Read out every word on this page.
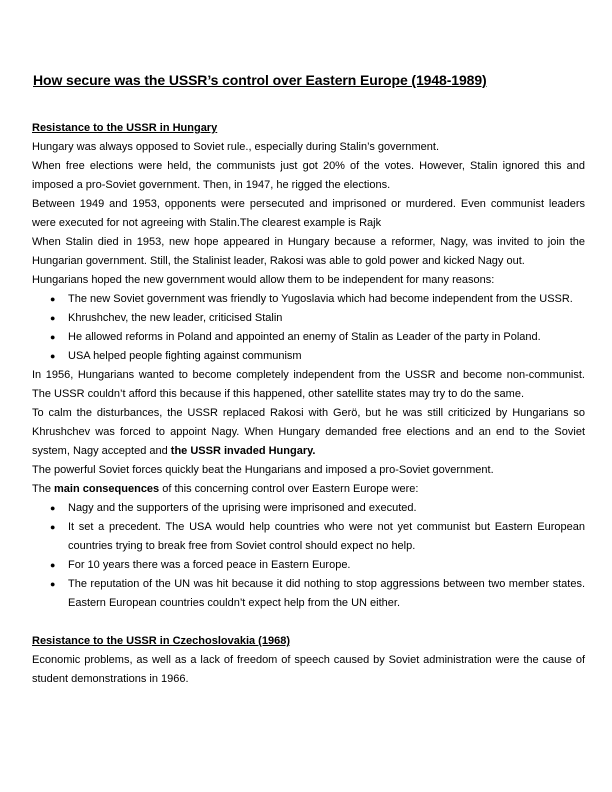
How secure was the USSR’s control over Eastern Europe (1948-1989)
Resistance to the USSR in Hungary

Hungary was always opposed to Soviet rule., especially during Stalin’s government.

When free elections were held, the communists just got 20% of the votes. However, Stalin ignored this and imposed a pro-Soviet government. Then, in 1947, he rigged the elections.

Between 1949 and 1953, opponents were persecuted and imprisoned or murdered. Even communist leaders were executed for not agreeing with Stalin.The clearest example is Rajk

When Stalin died in 1953, new hope appeared in Hungary because a reformer, Nagy, was invited to join the Hungarian government. Still, the Stalinist leader, Rakosi was able to gold power and kicked Nagy out.

Hungarians hoped the new government would allow them to be independent for many reasons:

● The new Soviet government was friendly to Yugoslavia which had become independent from the USSR.
● Khrushchev, the new leader, criticised Stalin
● He allowed reforms in Poland and appointed an enemy of Stalin as Leader of the party in Poland.
● USA helped people fighting against communism

In 1956, Hungarians wanted to become completely independent from the USSR and become non-communist. The USSR couldn’t afford this because if this happened, other satellite states may try to do the same.

To calm the disturbances, the USSR replaced Rakosi with Gerö, but he was still criticized by Hungarians so Khrushchev was forced to appoint Nagy. When Hungary demanded free elections and an end to the Soviet system, Nagy accepted and the USSR invaded Hungary.

The powerful Soviet forces quickly beat the Hungarians and imposed a pro-Soviet government.

The main consequences of this concerning control over Eastern Europe were:

● Nagy and the supporters of the uprising were imprisoned and executed.
● It set a precedent. The USA would help countries who were not yet communist but Eastern European countries trying to break free from Soviet control should expect no help.
● For 10 years there was a forced peace in Eastern Europe.
● The reputation of the UN was hit because it did nothing to stop aggressions between two member states. Eastern European countries couldn’t expect help from the UN either.
Resistance to the USSR in Czechoslovakia (1968)

Economic problems, as well as a lack of freedom of speech caused by Soviet administration were the cause of student demonstrations in 1966.
